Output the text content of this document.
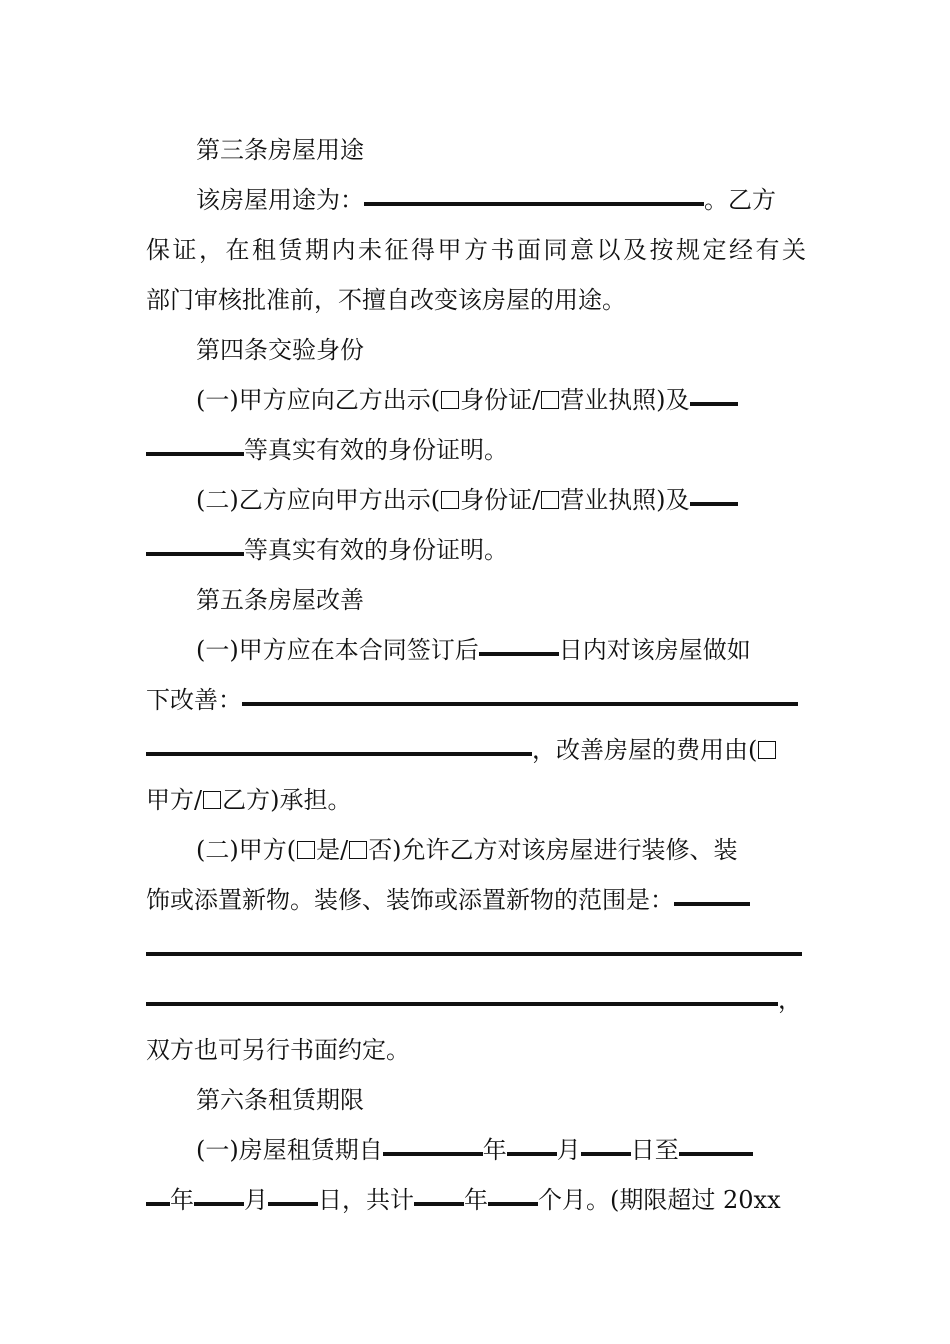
第三条房屋用途
该房屋用途为：	。乙方
保证，在租赁期内未征得甲方书面同意以及按规定经有关
部门审核批准前，不擅自改变该房屋的用途。
第四条交验身份
(一)甲方应向乙方出示( 身份证/ 营业执照)及
等真实有效的身份证明。
(二)乙方应向甲方出示( 身份证/ 营业执照)及
等真实有效的身份证明。
第五条房屋改善
(一)甲方应在本合同签订后	日内对该房屋做如
下改善：
，改善房屋的费用由(
甲方/ 乙方)承担。
(二)甲方( 是/ 否)允许乙方对该房屋进行装修、装
饰或添置新物。装修、装饰或添置新物的范围是：
，
双方也可另行书面约定。
第六条租赁期限
(一)房屋租赁期自	年 月 日至
年 月 日，共计 年 个月。(期限超过 20xx
